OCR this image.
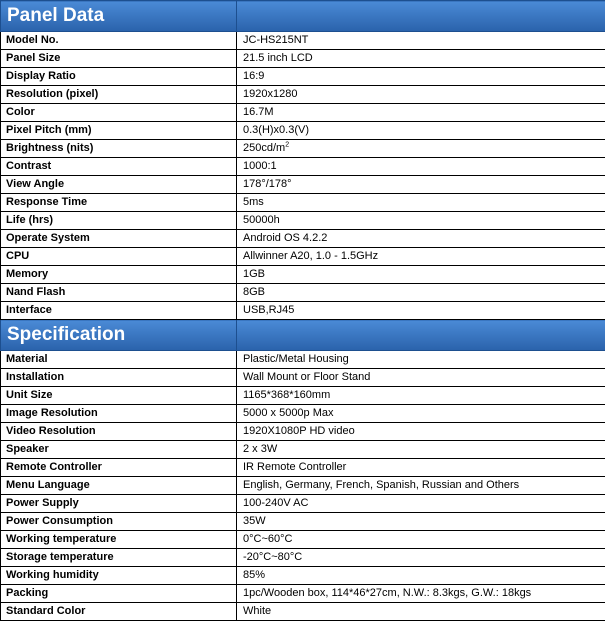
Panel Data	
Model No.	JC-HS215NT
Panel Size	21.5 inch LCD
Display Ratio	16:9
Resolution (pixel)	1920x1280
Color	16.7M
Pixel Pitch (mm)	0.3(H)x0.3(V)
Brightness (nits)	$250cd/m^2$
Contrast	1000:1
View Angle	178°/178°
Response Time	5ms
Life (hrs)	50000h
Operate System	Android OS 4.2.2
CPU	Allwinner A20, 1.0 - 1.5GHz
Memory	1GB
Nand Flash	8GB
Interface	USB,RJ45
Specification	
Material	Plastic/Metal Housing
Installation	Wall Mount or Floor Stand
Unit Size	1165*368*160mm
Image Resolution	5000 x 5000p Max
Video Resolution	1920X1080P HD video
Speaker	2 x 3W
Remote Controller	IR Remote Controller
Menu Language	English, Germany, French, Spanish, Russian and Others
Power Supply	100-240V AC
Power Consumption	35W
Working temperature	0°C~60°C
Storage temperature	-20°C~80°C
Working humidity	85%
Packing	1pc/Wooden box, 114*46*27cm, N.W.: 8.3kgs, G.W.: 18kgs
Standard Color	White
